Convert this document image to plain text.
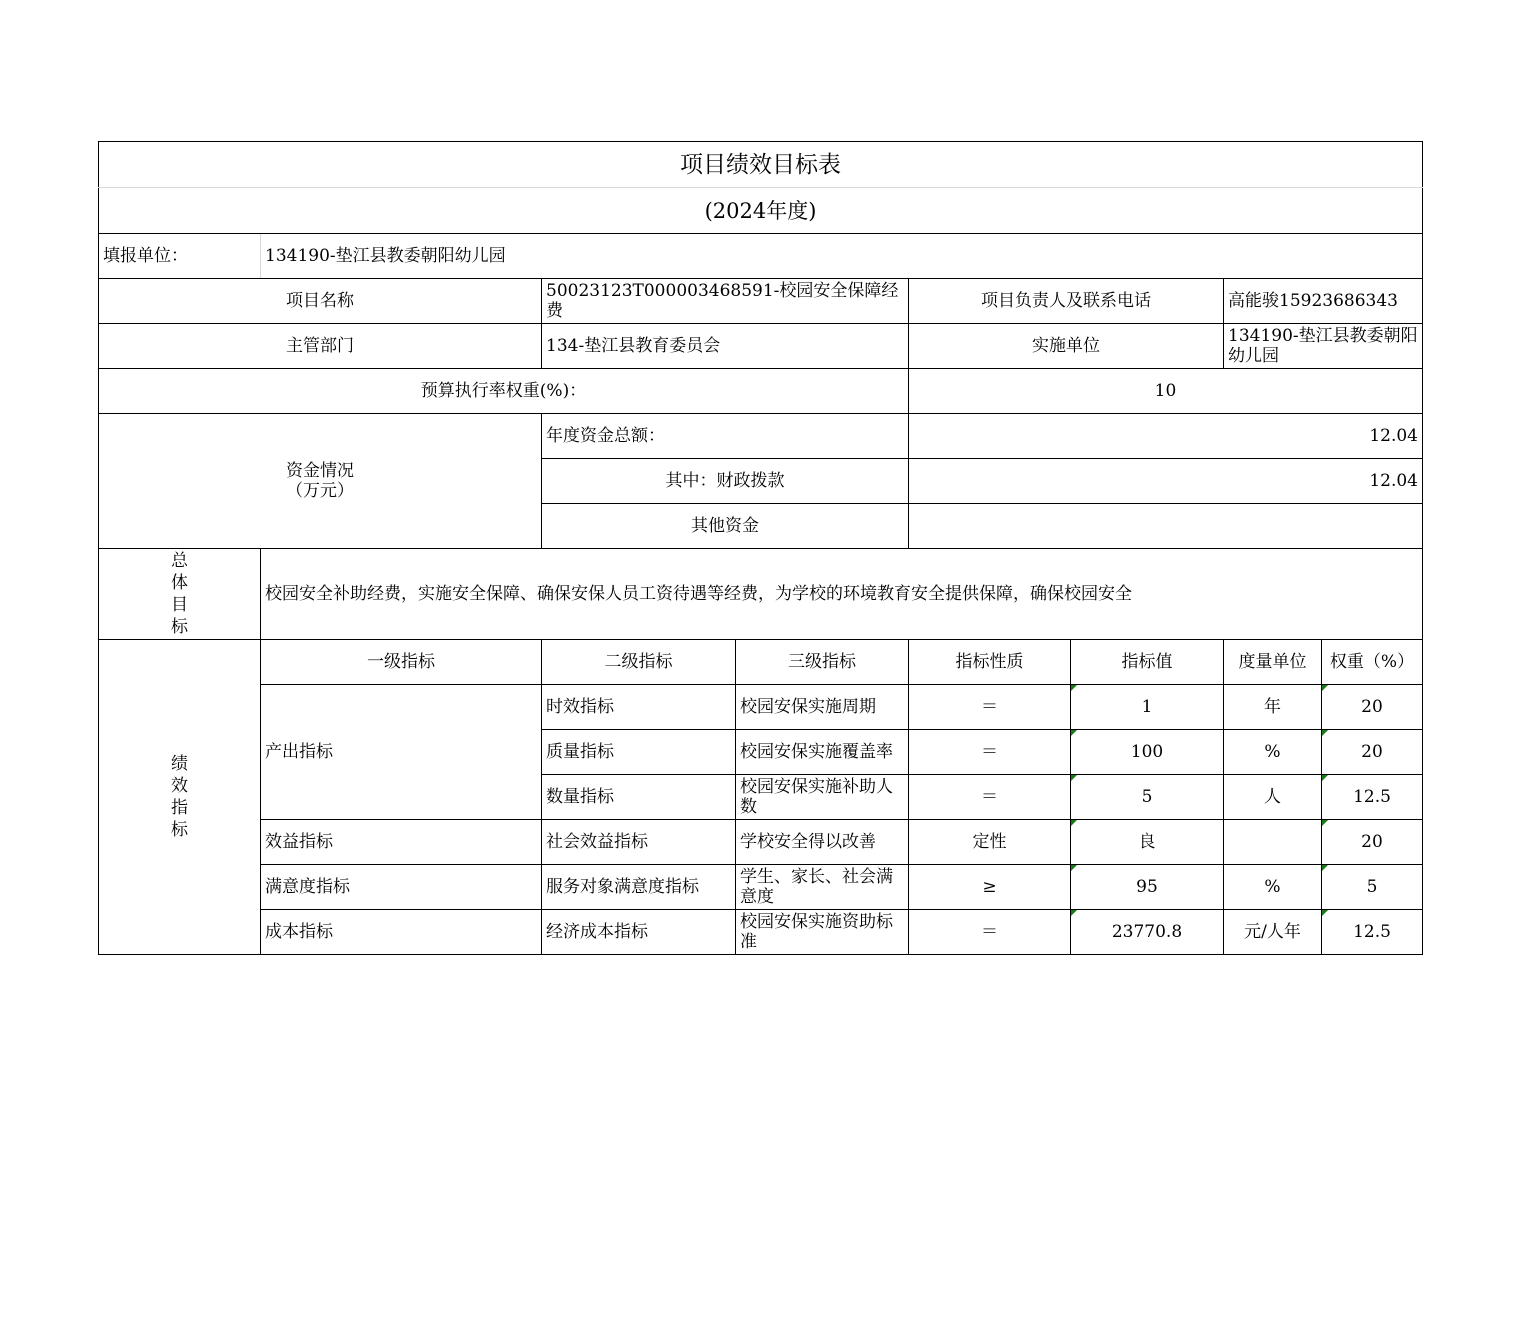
项目绩效目标表							
(2024年度)							
填报单位：	134190-垫江县教委朝阳幼儿园						
项目名称		50023123T000003468591-校园安全保障经费		项目负责人及联系电话		高能骏15923686343	
主管部门		134-垫江县教育委员会		实施单位		134190-垫江县教委朝阳幼儿园	

预算执行率权重(%)：				10			
资金情况
（万元）		年度资金总额：		12.04			
		其中：财政拨款		12.04			
		其他资金					
总体目标	校园安全补助经费，实施安全保障、确保安保人员工资待遇等经费，为学校的环境教育安全提供保障，确保校园安全						
绩效指标	一级指标	二级指标	三级指标	指标性质	指标值	度量单位	权重（%）
	产出指标	时效指标	校园安保实施周期	＝	1	年	20
		质量指标	校园安保实施覆盖率	＝	100	%	20
		数量指标	校园安保实施补助人数	＝	5	人	12.5
	效益指标	社会效益指标	学校安全得以改善	定性	良		20
	满意度指标	服务对象满意度指标	学生、家长、社会满意度	≥	95	%	5
	成本指标	经济成本指标	校园安保实施资助标准	＝	23770.8	元/人年	12.5
